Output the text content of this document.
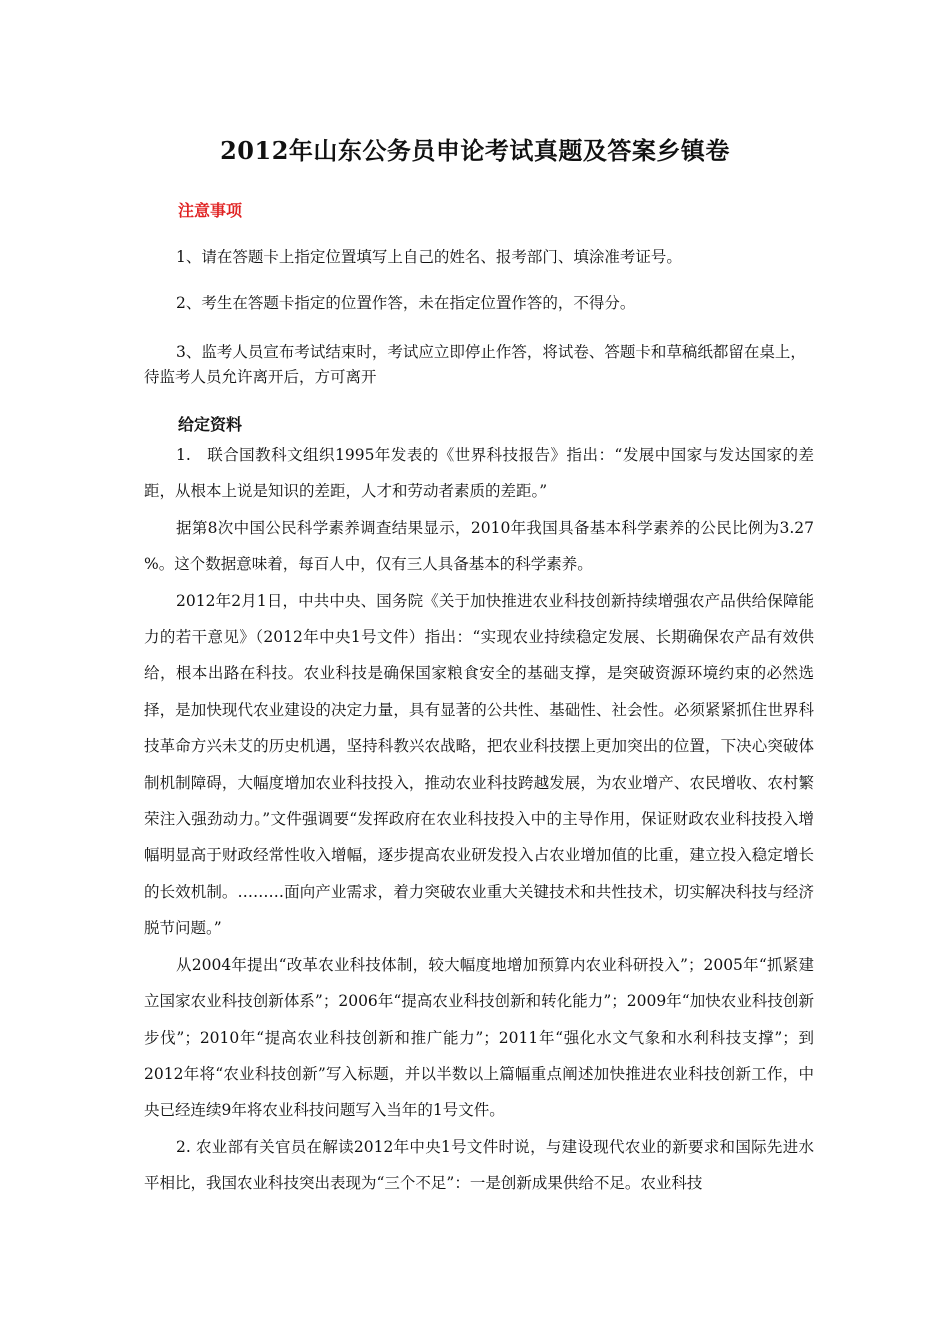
2012年山东公务员申论考试真题及答案乡镇卷
注意事项
1、请在答题卡上指定位置填写上自己的姓名、报考部门、填涂准考证号。
2、考生在答题卡指定的位置作答，未在指定位置作答的，不得分。
3、监考人员宣布考试结束时，考试应立即停止作答，将试卷、答题卡和草稿纸都留在桌上，待监考人员允许离开后，方可离开
给定资料

1.　联合国教科文组织1995年发表的《世界科技报告》指出：“发展中国家与发达国家的差距，从根本上说是知识的差距，人才和劳动者素质的差距。”

据第8次中国公民科学素养调查结果显示，2010年我国具备基本科学素养的公民比例为3.27 %。这个数据意味着，每百人中，仅有三人具备基本的科学素养。

2012年2月1日，中共中央、国务院《关于加快推进农业科技创新持续增强农产品供给保障能力的若干意见》（2012年中央1号文件）指出：“实现农业持续稳定发展、长期确保农产品有效供给，根本出路在科技。农业科技是确保国家粮食安全的基础支撑，是突破资源环境约束的必然选择，是加快现代农业建设的决定力量，具有显著的公共性、基础性、社会性。必须紧紧抓住世界科技革命方兴未艾的历史机遇，坚持科教兴农战略，把农业科技摆上更加突出的位置，下决心突破体制机制障碍，大幅度增加农业科技投入，推动农业科技跨越发展，为农业增产、农民增收、农村繁荣注入强劲动力。”文件强调要“发挥政府在农业科技投入中的主导作用，保证财政农业科技投入增幅明显高于财政经常性收入增幅，逐步提高农业研发投入占农业增加值的比重，建立投入稳定增长的长效机制。………面向产业需求，着力突破农业重大关键技术和共性技术，切实解决科技与经济脱节问题。”

从2004年提出“改革农业科技体制，较大幅度地增加预算内农业科研投入”；2005年“抓紧建立国家农业科技创新体系”；2006年“提高农业科技创新和转化能力”；2009年“加快农业科技创新步伐”；2010年“提高农业科技创新和推广能力”；2011年“强化水文气象和水利科技支撑”；到2012年将“农业科技创新”写入标题，并以半数以上篇幅重点阐述加快推进农业科技创新工作，中央已经连续9年将农业科技问题写入当年的1号文件。

2. 农业部有关官员在解读2012年中央1号文件时说，与建设现代农业的新要求和国际先进水平相比，我国农业科技突出表现为“三个不足”：一是创新成果供给不足。农业科技
